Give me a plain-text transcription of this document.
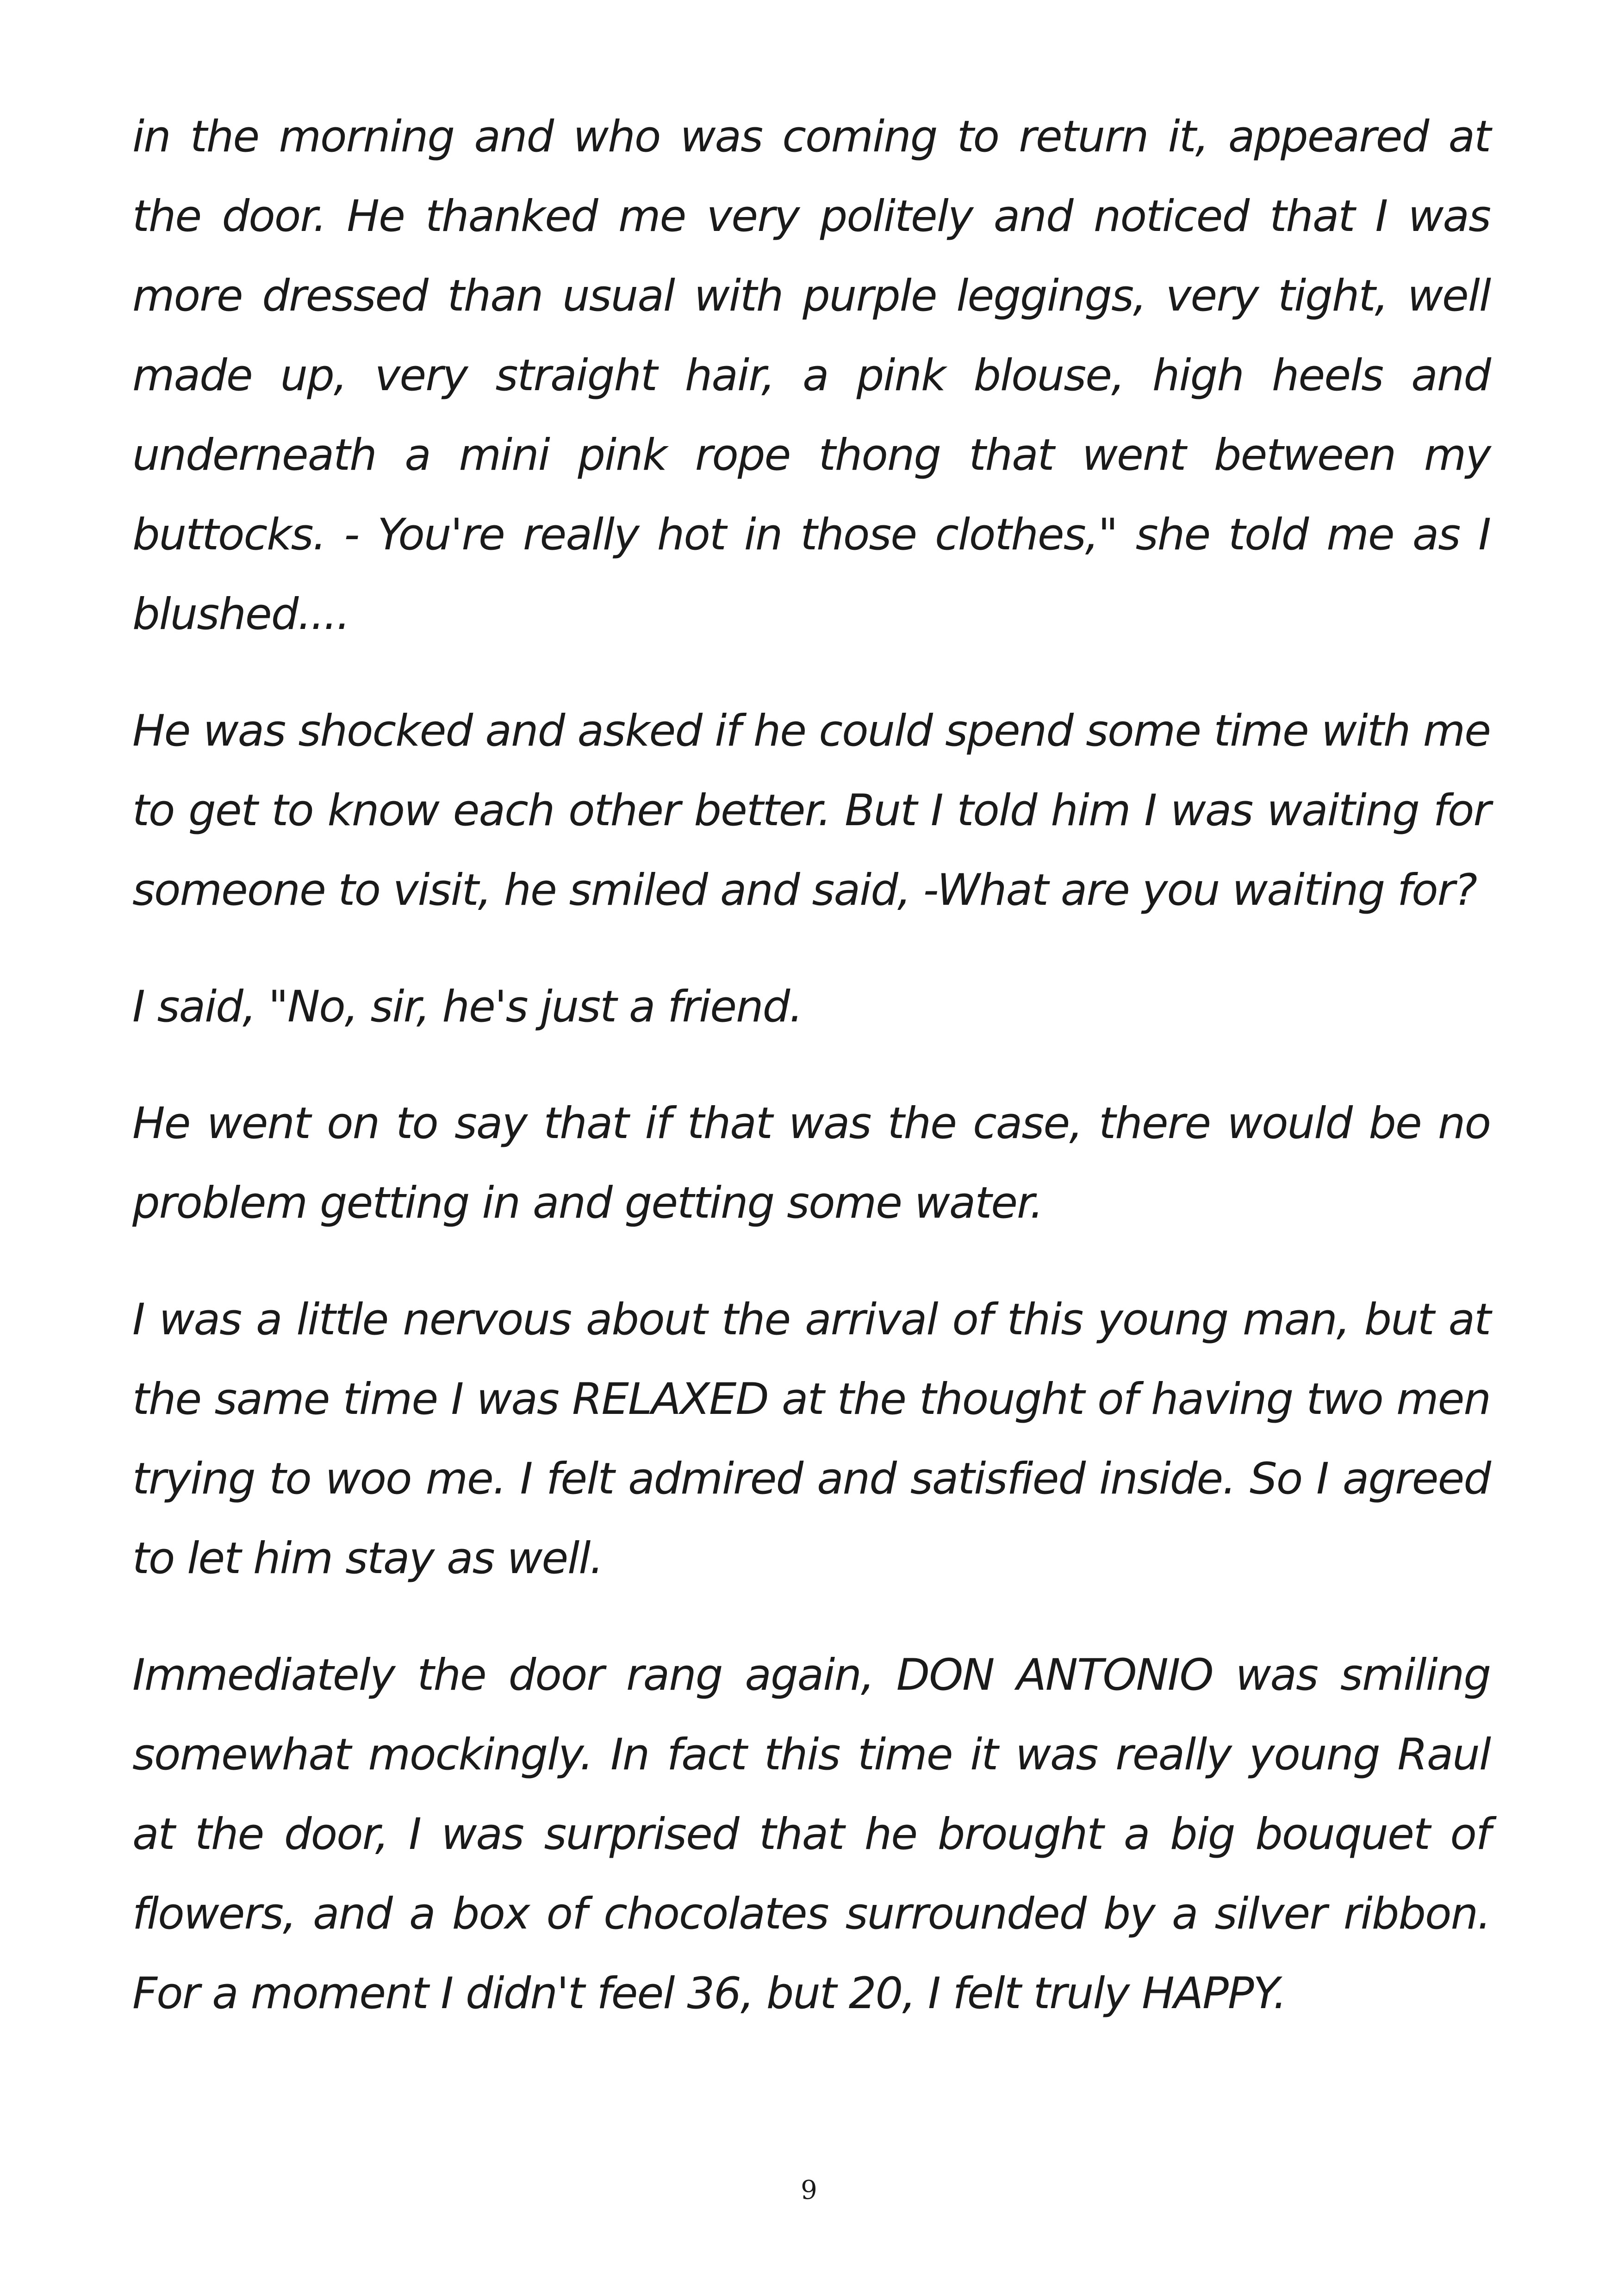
in the morning and who was coming to return it, appeared at the door. He thanked me very politely and noticed that I was more dressed than usual with purple leggings, very tight, well made up, very straight hair, a pink blouse, high heels and underneath a mini pink rope thong that went between my buttocks. - You're really hot in those clothes," she told me as I blushed....

He was shocked and asked if he could spend some time with me to get to know each other better. But I told him I was waiting for someone to visit, he smiled and said, -What are you waiting for?

I said, "No, sir, he's just a friend.

He went on to say that if that was the case, there would be no problem getting in and getting some water.

I was a little nervous about the arrival of this young man, but at the same time I was RELAXED at the thought of having two men trying to woo me. I felt admired and satisfied inside. So I agreed to let him stay as well.

Immediately the door rang again, DON ANTONIO was smiling somewhat mockingly. In fact this time it was really young Raul at the door, I was surprised that he brought a big bouquet of flowers, and a box of chocolates surrounded by a silver ribbon. For a moment I didn't feel 36, but 20, I felt truly HAPPY.

9
